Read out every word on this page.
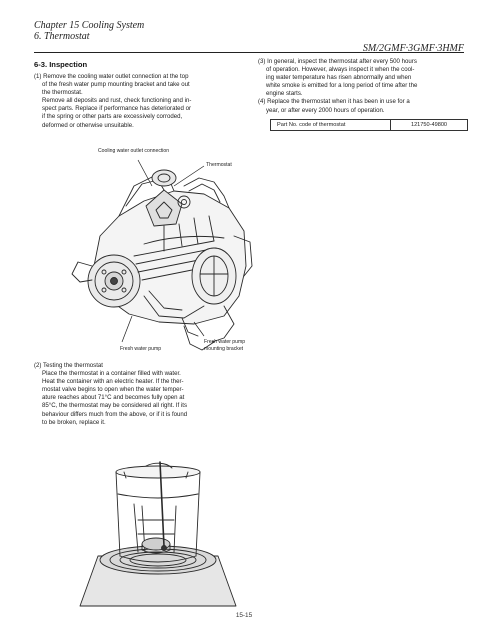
Chapter 15 Cooling System
6. Thermostat
SM/2GMF·3GMF·3HMF
6-3. Inspection

(1) Remove the cooling water outlet connection at the top

of the fresh water pump mounting bracket and take out

the thermostat.

Remove all deposits and rust, check functioning and in-

spect parts. Replace if performance has deteriorated or

if the spring or other parts are excessively corroded,

deformed or otherwise unsuitable.

(3) In general, inspect the thermostat after every 500 hours

of operation. However, always inspect it when the cool-

ing water temperature has risen abnormally and when

white smoke is emitted for a long period of time after the

engine starts.

(4) Replace the thermostat when it has been in use for a

year, or after every 2000 hours of operation.

Part No. code of thermostat	121750-49800
Cooling water outlet connection
Thermostat
Fresh water pump
Fresh water pump
mounting bracket

(2) Testing the thermostat

Place the thermostat in a container filled with water.

Heat the container with an electric heater. If the ther-

mostat valve begins to open when the water temper-

ature reaches about 71°C and becomes fully open at

85°C, the thermostat may be considered all right. If its

behaviour differs much from the above, or if it is found

to be broken, replace it.

15-15
